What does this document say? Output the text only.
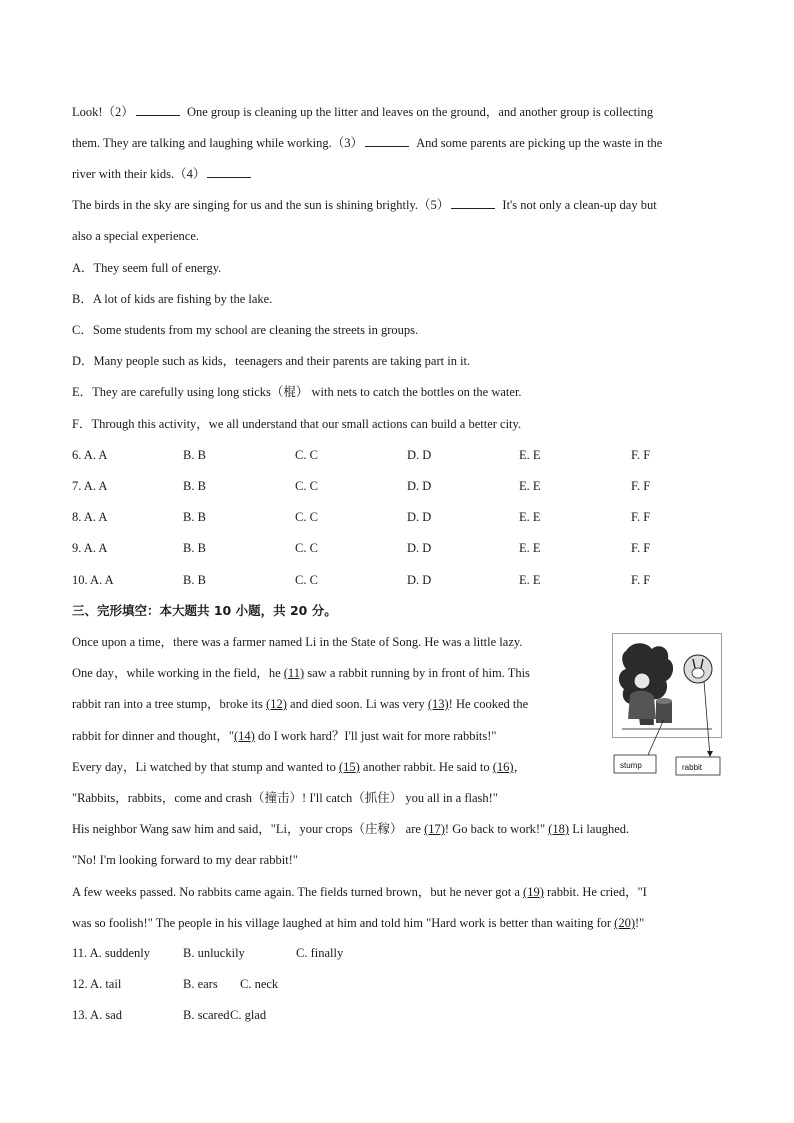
Look!（2）	One group is cleaning up the litter and leaves on the ground，and another group is collecting
them. They are talking and laughing while working.（3）	And some parents are picking up the waste in the
river with their kids.（4）
The birds in the sky are singing for us and the sun is shining brightly.（5）	It's not only a clean-up day but
also a special experience.
A．They seem full of energy.
B．A lot of kids are fishing by the lake.
C．Some students from my school are cleaning the streets in groups.
D．Many people such as kids，teenagers and their parents are taking part in it.
E．They are carefully using long sticks（棍） with nets to catch the bottles on the water.
F．Through this activity，we all understand that our small actions can build a better city.
6. A. A	B. B	C. C	D. D	E. E	F. F
7. A. A	B. B	C. C	D. D	E. E	F. F
8. A. A	B. B	C. C	D. D	E. E	F. F
9. A. A	B. B	C. C	D. D	E. E	F. F
10. A. A	B. B	C. C	D. D	E. E	F. F
三、完形填空：本大题共 10 小题，共 20 分。
Once upon a time，there was a farmer named Li in the State of Song. He was a little lazy.
One day，while working in the field，he (11) saw a rabbit running by in front of him. This
rabbit ran into a tree stump，broke its (12) and died soon. Li was very (13)! He cooked the
rabbit for dinner and thought，"(14) do I work hard？I'll just wait for more rabbits!"
Every day，Li watched by that stump and wanted to (15) another rabbit. He said to (16)，
"Rabbits，rabbits，come and crash（撞击）! I'll catch（抓住） you all in a flash!"
His neighbor Wang saw him and said，"Li，your crops（庄稼） are (17)! Go back to work!" (18) Li laughed.
"No! I'm looking forward to my dear rabbit!"
A few weeks passed. No rabbits came again. The fields turned brown，but he never got a (19) rabbit. He cried，"I
was so foolish!" The people in his village laughed at him and told him "Hard work is better than waiting for (20)!"
11. A. suddenly	B. unluckily	C. finally
12. A. tail	B. ears C. neck
13. A. sad	B. scared C. glad
stump	rabbit
